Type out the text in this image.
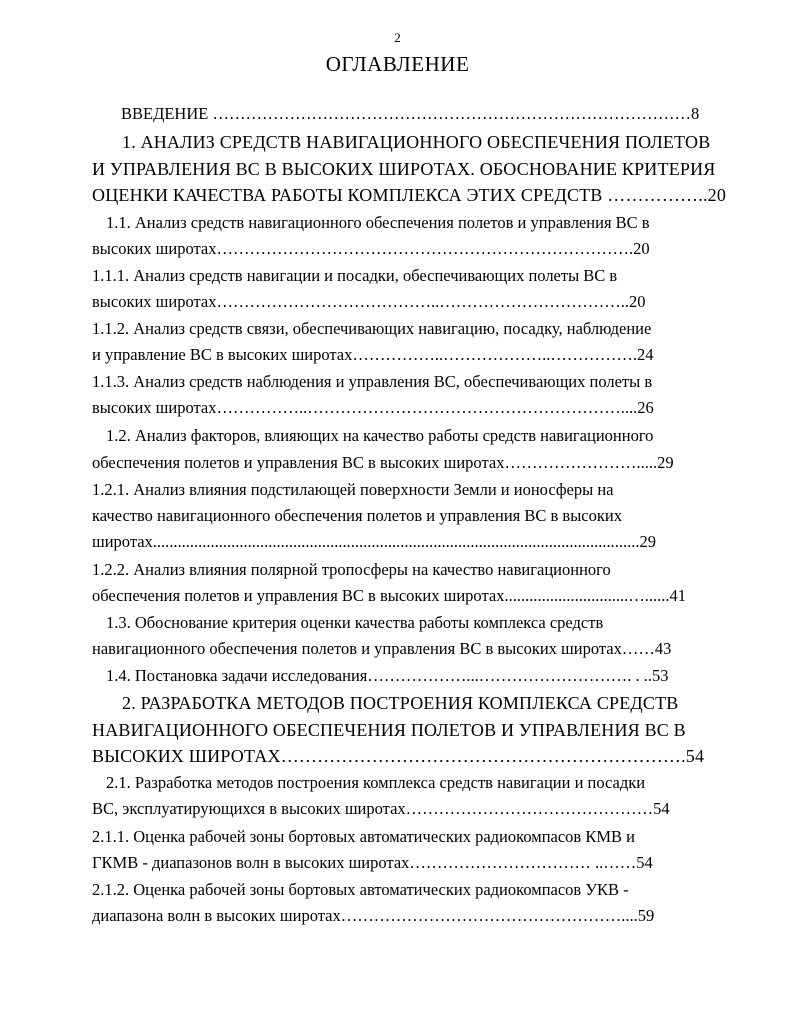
2
ОГЛАВЛЕНИЕ
ВВЕДЕНИЕ ……………………………………………………………………………8
1. АНАЛИЗ СРЕДСТВ НАВИГАЦИОННОГО ОБЕСПЕЧЕНИЯ ПОЛЕТОВ
И УПРАВЛЕНИЯ ВС В ВЫСОКИХ ШИРОТАХ. ОБОСНОВАНИЕ КРИТЕРИЯ
ОЦЕНКИ КАЧЕСТВА РАБОТЫ КОМПЛЕКСА ЭТИХ СРЕДСТВ ……………..20
1.1. Анализ средств навигационного обеспечения полетов и управления ВС в
высоких широтах………………………………………………………………….20
1.1.1. Анализ средств навигации и посадки, обеспечивающих полеты ВС в
высоких широтах…………………………………..……………………………..20
1.1.2. Анализ средств связи, обеспечивающих навигацию, посадку, наблюдение
и управление ВС в высоких широтах……………..………………..…………….24
1.1.3. Анализ средств наблюдения и управления ВС, обеспечивающих полеты в
высоких широтах……………..…………………………………………………....26
1.2. Анализ факторов, влияющих на качество работы средств навигационного
обеспечения полетов и управления ВС в высоких широтах…………………….....29
1.2.1. Анализ влияния подстилающей поверхности Земли и ионосферы на
качество навигационного обеспечения полетов и управления ВС в высоких
широтах......................................................................................................................29
1.2.2. Анализ влияния полярной тропосферы на качество навигационного
обеспечения полетов и управления ВС в высоких широтах..............................…......41
1.3. Обоснование критерия оценки качества работы комплекса средств
навигационного обеспечения полетов и управления ВС в высоких широтах……43
1.4. Постановка задачи исследования………………...………………………. . ..53
2. РАЗРАБОТКА МЕТОДОВ ПОСТРОЕНИЯ КОМПЛЕКСА СРЕДСТВ
НАВИГАЦИОННОГО ОБЕСПЕЧЕНИЯ ПОЛЕТОВ И УПРАВЛЕНИЯ ВС В
ВЫСОКИХ ШИРОТАХ………………………………………………………….54
2.1. Разработка методов построения комплекса средств навигации и посадки
ВС, эксплуатирующихся в высоких широтах………………………………………54
2.1.1. Оценка рабочей зоны бортовых автоматических радиокомпасов КМВ и
ГКМВ - диапазонов волн в высоких широтах…………………………… ..……54
2.1.2. Оценка рабочей зоны бортовых автоматических радиокомпасов УКВ -
диапазона волн в высоких широтах……………………………………………....59
